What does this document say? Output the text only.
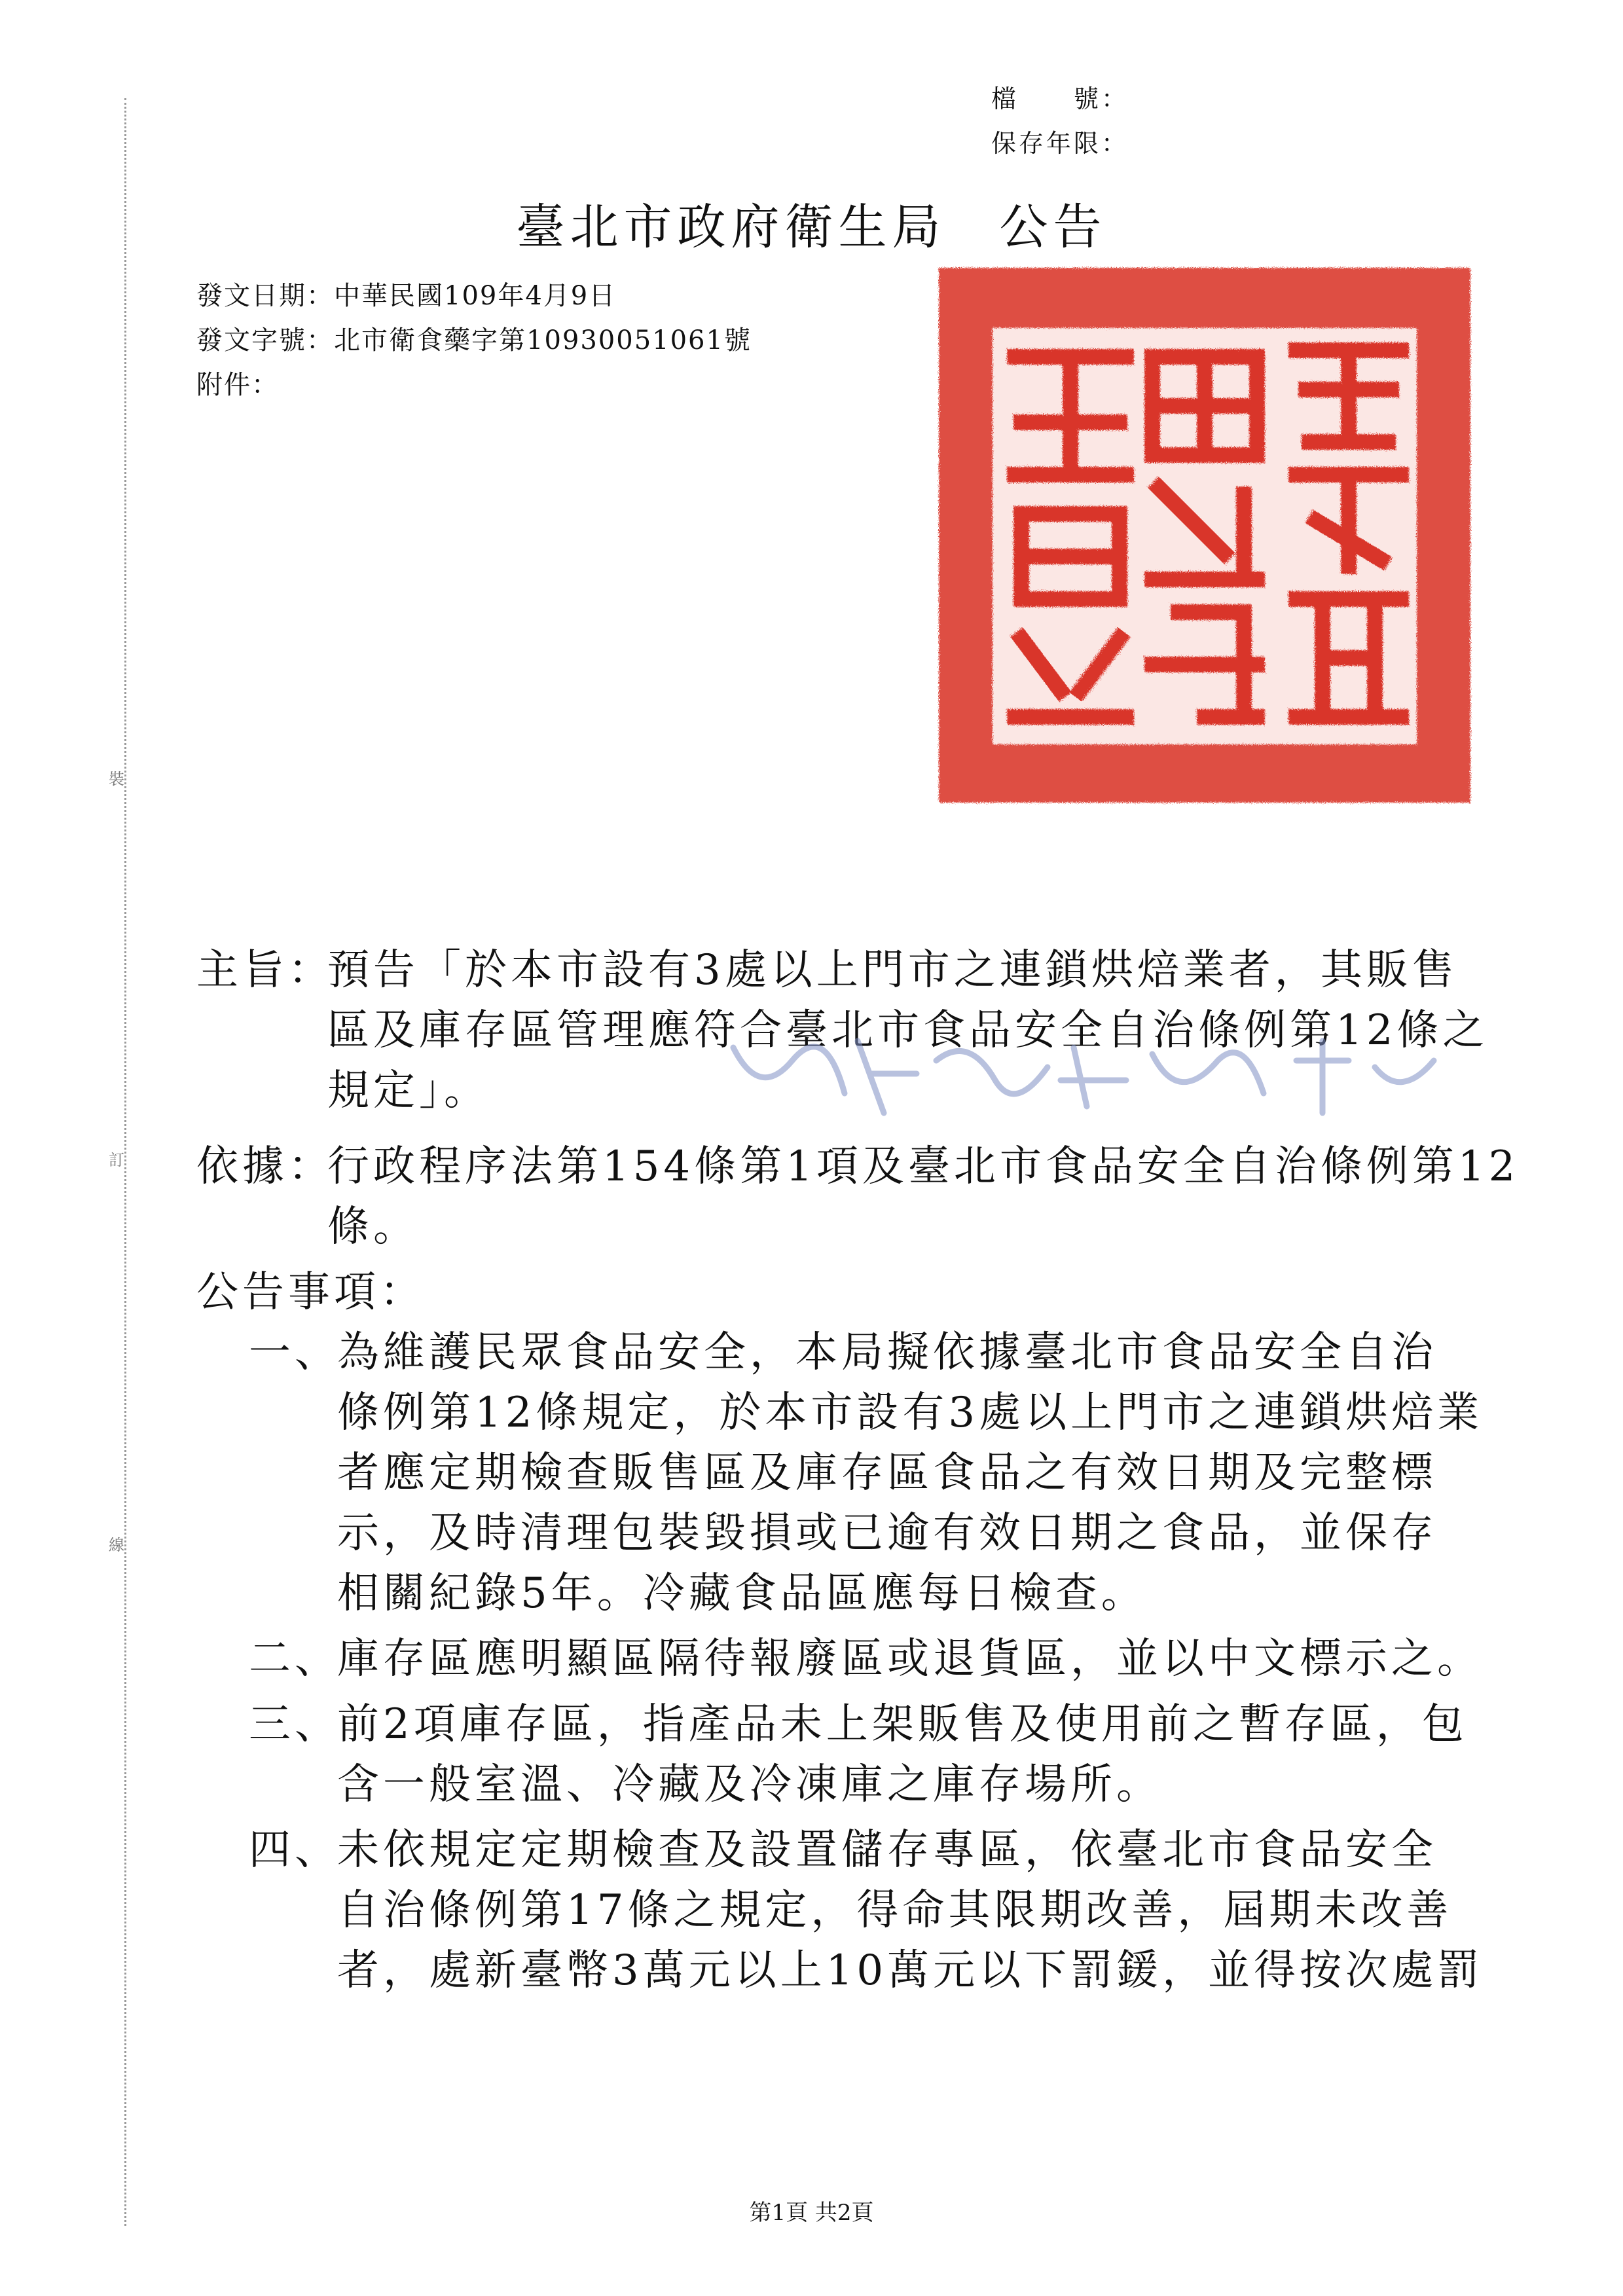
裝
訂
線
檔　　號：
保存年限：
臺北市政府衛生局　公告
發文日期：中華民國109年4月9日
發文字號：北市衛食藥字第10930051061號
附件：
主旨：
預告「於本市設有3處以上門市之連鎖烘焙業者，其販售
區及庫存區管理應符合臺北市食品安全自治條例第12條之
規定」。
依據：
行政程序法第154條第1項及臺北市食品安全自治條例第12
條。
公告事項：
一、
為維護民眾食品安全，本局擬依據臺北市食品安全自治
條例第12條規定，於本市設有3處以上門市之連鎖烘焙業
者應定期檢查販售區及庫存區食品之有效日期及完整標
示，及時清理包裝毀損或已逾有效日期之食品，並保存
相關紀錄5年。冷藏食品區應每日檢查。
二、
庫存區應明顯區隔待報廢區或退貨區，並以中文標示之。
三、
前2項庫存區，指產品未上架販售及使用前之暫存區，包
含一般室溫、冷藏及冷凍庫之庫存場所。
四、
未依規定定期檢查及設置儲存專區，依臺北市食品安全
自治條例第17條之規定，得命其限期改善，屆期未改善
者，處新臺幣3萬元以上10萬元以下罰鍰，並得按次處罰
第1頁 共2頁
